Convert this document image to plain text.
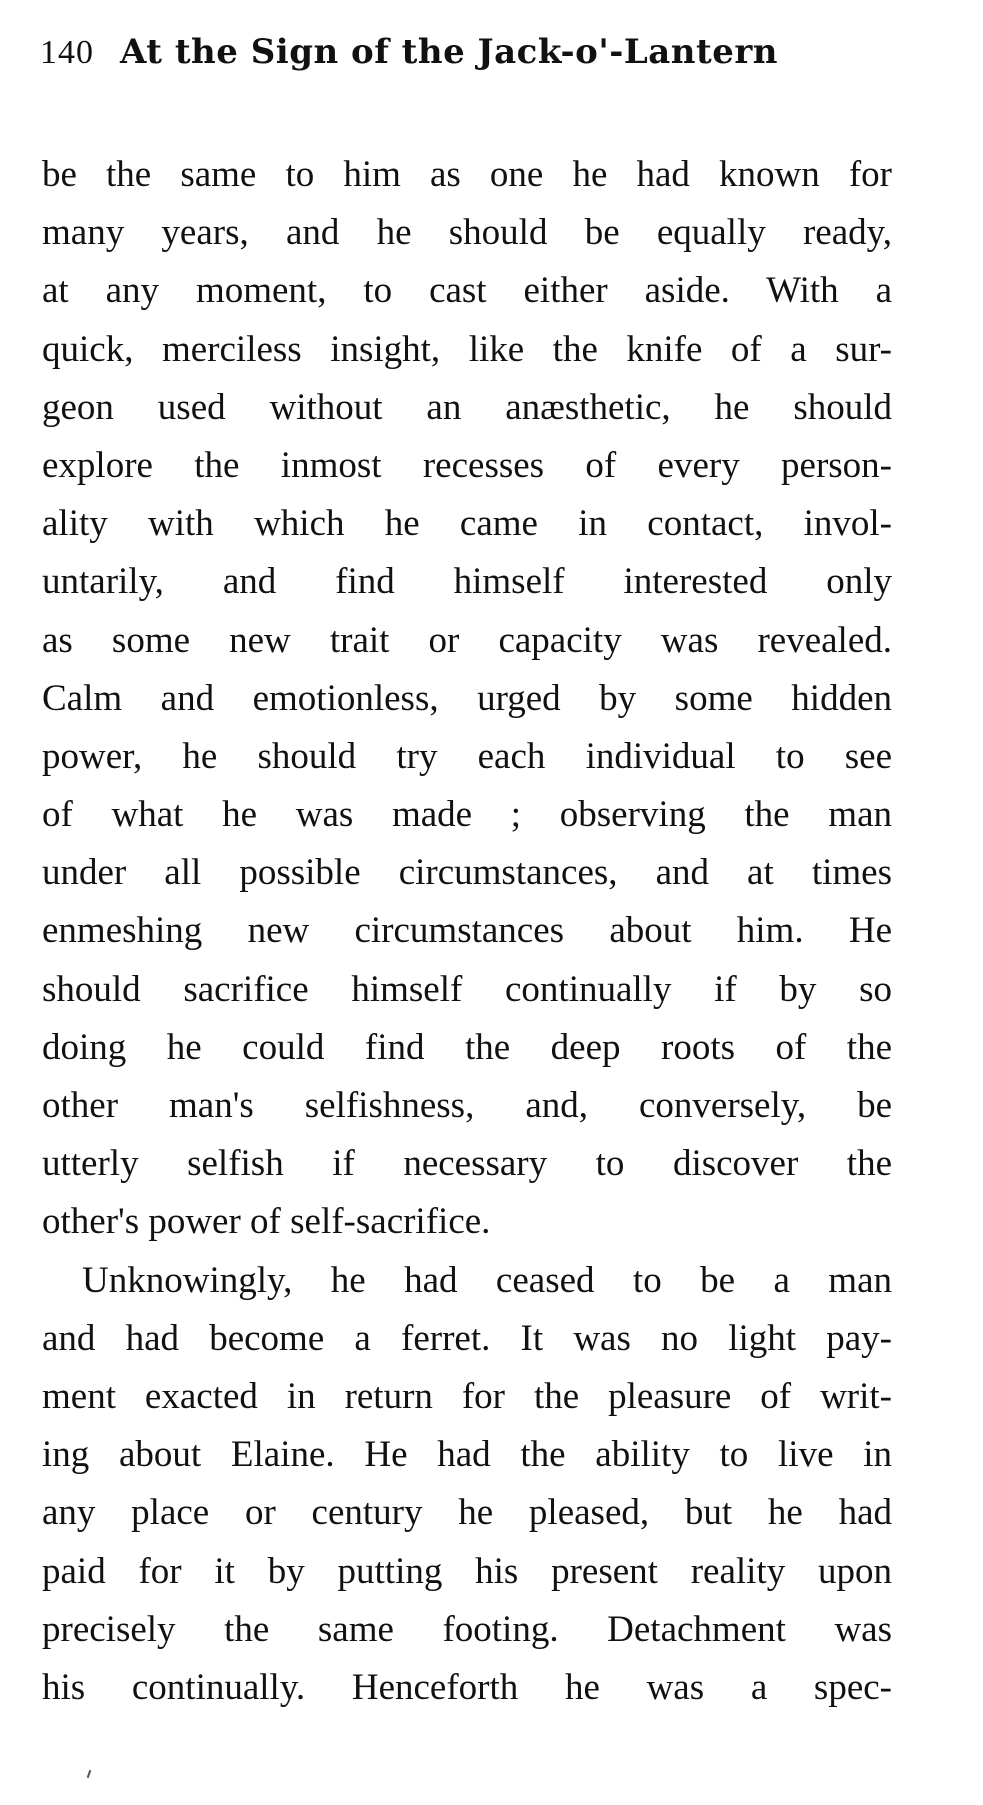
140 At the Sign of the Jack-o'-Lantern
be the same to him as one he had known for
many years, and he should be equally ready,
at any moment, to cast either aside. With a
quick, merciless insight, like the knife of a sur-
geon used without an anæsthetic, he should
explore the inmost recesses of every person-
ality with which he came in contact, invol-
untarily, and find himself interested only
as some new trait or capacity was revealed.
Calm and emotionless, urged by some hidden
power, he should try each individual to see
of what he was made ; observing the man
under all possible circumstances, and at times
enmeshing new circumstances about him. He
should sacrifice himself continually if by so
doing he could find the deep roots of the
other man's selfishness, and, conversely, be
utterly selfish if necessary to discover the
other's power of self-sacrifice.
Unknowingly, he had ceased to be a man
and had become a ferret. It was no light pay-
ment exacted in return for the pleasure of writ-
ing about Elaine. He had the ability to live in
any place or century he pleased, but he had
paid for it by putting his present reality upon
precisely the same footing. Detachment was
his continually. Henceforth he was a spec-
